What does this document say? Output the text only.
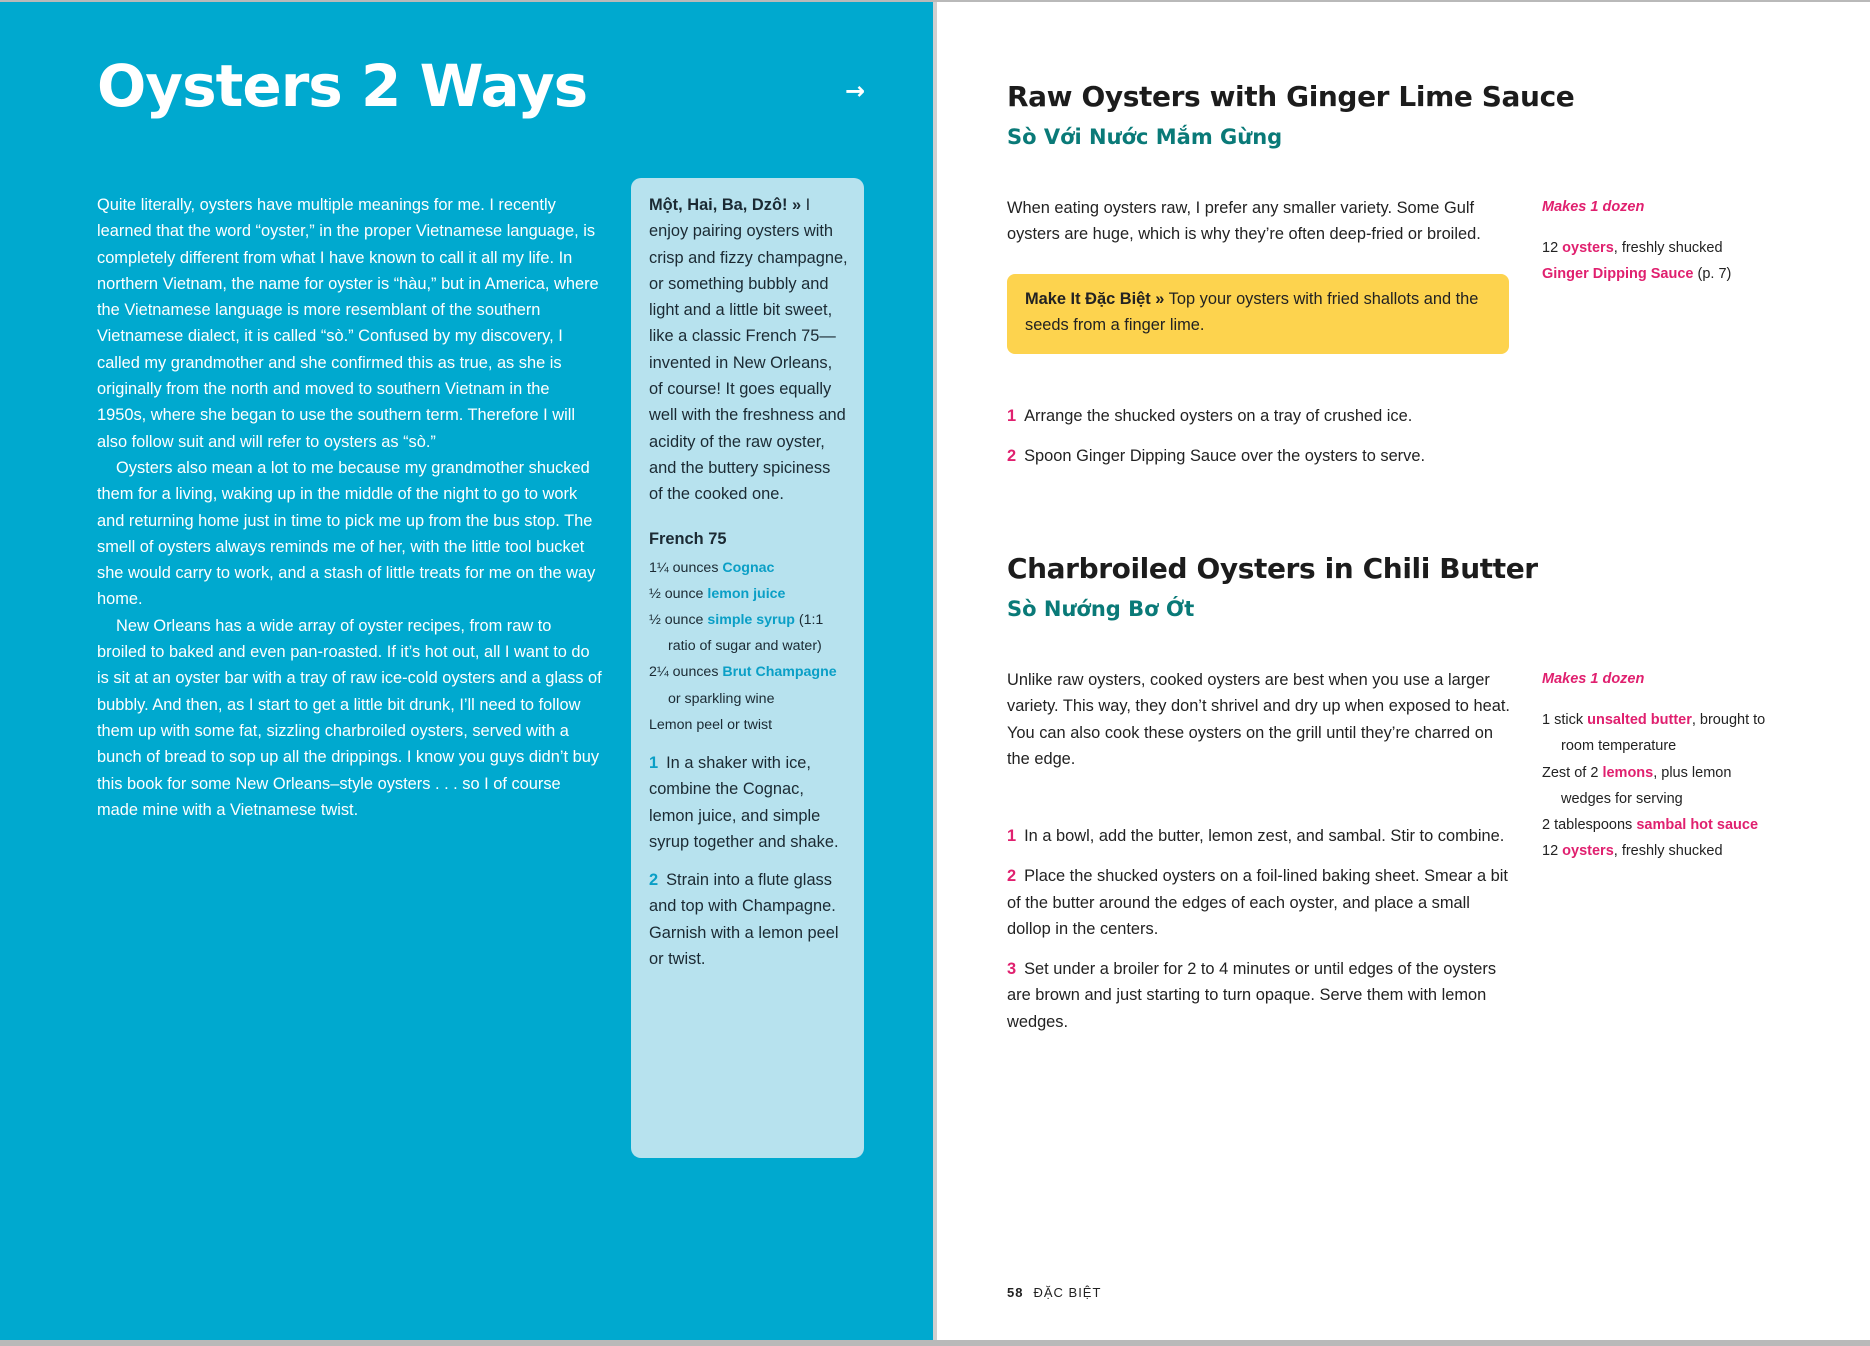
Oysters 2 Ways	→

Quite literally, oysters have multiple meanings for me. I recently learned that the word “oyster,” in the proper Vietnamese language, is completely different from what I have known to call it all my life. In northern Vietnam, the name for oyster is “hàu,” but in America, where the Vietnamese language is more resemblant of the southern Vietnamese dialect, it is called “sò.” Confused by my discovery, I called my grandmother and she confirmed this as true, as she is originally from the north and moved to southern Vietnam in the 1950s, where she began to use the southern term. Therefore I will also follow suit and will refer to oysters as “sò.”

Oysters also mean a lot to me because my grandmother shucked them for a living, waking up in the middle of the night to go to work and returning home just in time to pick me up from the bus stop. The smell of oysters always reminds me of her, with the little tool bucket she would carry to work, and a stash of little treats for me on the way home.

New Orleans has a wide array of oyster recipes, from raw to broiled to baked and even pan-roasted. If it’s hot out, all I want to do is sit at an oyster bar with a tray of raw ice-cold oysters and a glass of bubbly. And then, as I start to get a little bit drunk, I’ll need to follow them up with some fat, sizzling charbroiled oysters, served with a bunch of bread to sop up all the drippings. I know you guys didn’t buy this book for some New Orleans–style oysters . . . so I of course made mine with a Vietnamese twist.

Một, Hai, Ba, Dzô! » I enjoy pairing oysters with crisp and fizzy champagne, or something bubbly and light and a little bit sweet, like a classic French 75—invented in New Orleans, of course! It goes equally well with the freshness and acidity of the raw oyster, and the buttery spiciness of the cooked one.
French 75
1¼ ounces Cognac
½ ounce lemon juice
½ ounce simple syrup (1:1 ratio of sugar and water)
2¼ ounces Brut Champagne or sparkling wine
Lemon peel or twist
1 In a shaker with ice, combine the Cognac, lemon juice, and simple syrup together and shake.
2 Strain into a flute glass and top with Champagne. Garnish with a lemon peel or twist.
Raw Oysters with Ginger Lime Sauce
Sò Với Nước Mắm Gừng

When eating oysters raw, I prefer any smaller variety. Some Gulf oysters are huge, which is why they’re often deep-fried or broiled.

Makes 1 dozen

12 oysters, freshly shucked
Ginger Dipping Sauce (p. 7)
Make It Đặc Biệt » Top your oysters with fried shallots and the seeds from a finger lime.
1 Arrange the shucked oysters on a tray of crushed ice.
2 Spoon Ginger Dipping Sauce over the oysters to serve.
Charbroiled Oysters in Chili Butter
Sò Nướng Bơ Ớt

Unlike raw oysters, cooked oysters are best when you use a larger variety. This way, they don’t shrivel and dry up when exposed to heat. You can also cook these oysters on the grill until they’re charred on the edge.

Makes 1 dozen

1 stick unsalted butter, brought to room temperature
Zest of 2 lemons, plus lemon wedges for serving
2 tablespoons sambal hot sauce
12 oysters, freshly shucked
1 In a bowl, add the butter, lemon zest, and sambal. Stir to combine.
2 Place the shucked oysters on a foil-lined baking sheet. Smear a bit of the butter around the edges of each oyster, and place a small dollop in the centers.
3 Set under a broiler for 2 to 4 minutes or until edges of the oysters are brown and just starting to turn opaque. Serve them with lemon wedges.
58 ĐẶC BIỆT
